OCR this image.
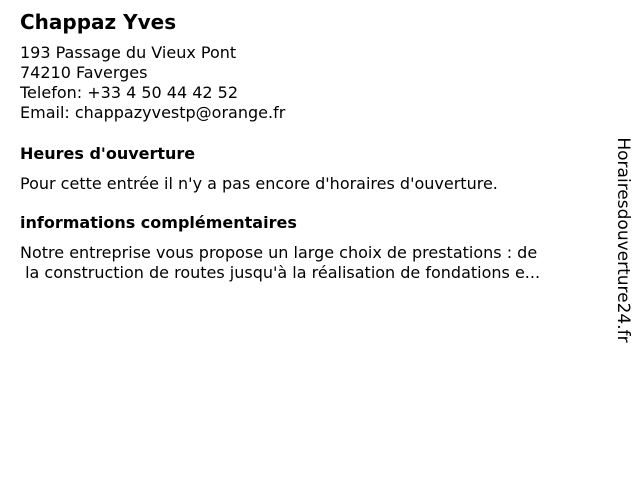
Chappaz Yves
193 Passage du Vieux Pont
74210 Faverges
Telefon: +33 4 50 44 42 52
Email: chappazyvestp@orange.fr
Heures d'ouverture
Pour cette entrée il n'y a pas encore d'horaires d'ouverture.
informations complémentaires
Notre entreprise vous propose un large choix de prestations : de
la construction de routes jusqu'à la réalisation de fondations e...	Horairesdouverture24.fr
